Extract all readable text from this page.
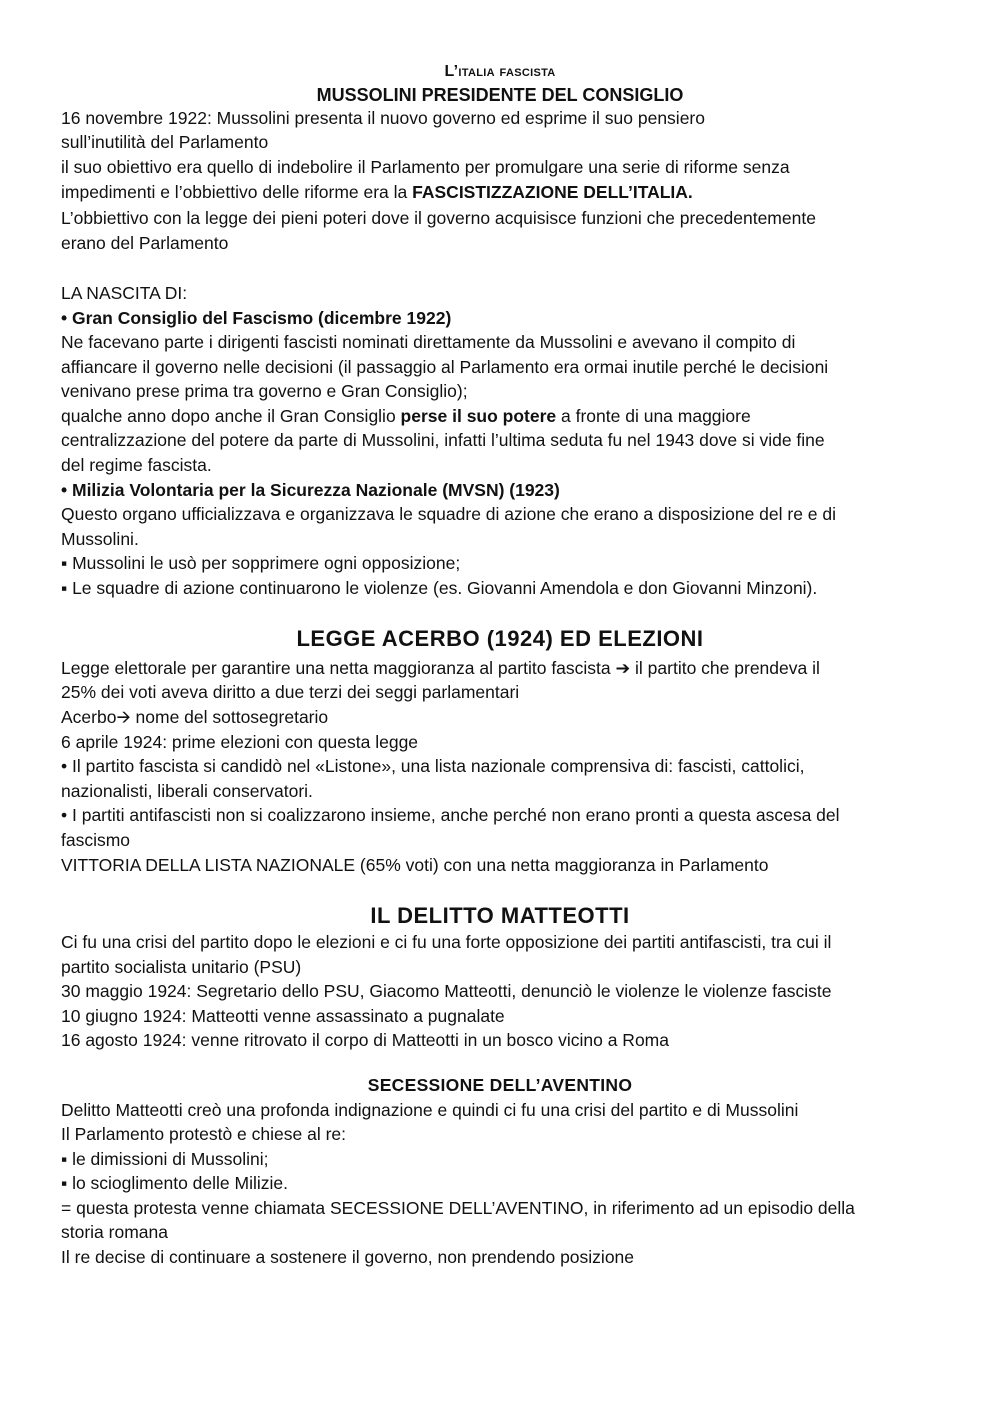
L’italia fascista

MUSSOLINI PRESIDENTE DEL CONSIGLIO

16 novembre 1922: Mussolini presenta il nuovo governo ed esprime il suo pensiero

sull’inutilità del Parlamento

il suo obiettivo era quello di indebolire il Parlamento per promulgare una serie di riforme senza

impedimenti e l’obbiettivo delle riforme era la FASCISTIZZAZIONE DELL’ITALIA.

L’obbiettivo con la legge dei pieni poteri dove il governo acquisisce funzioni che precedentemente

erano del Parlamento

LA NASCITA DI:

• Gran Consiglio del Fascismo (dicembre 1922)

Ne facevano parte i dirigenti fascisti nominati direttamente da Mussolini e avevano il compito di

affiancare il governo nelle decisioni (il passaggio al Parlamento era ormai inutile perché le decisioni

venivano prese prima tra governo e Gran Consiglio);

qualche anno dopo anche il Gran Consiglio perse il suo potere a fronte di una maggiore

centralizzazione del potere da parte di Mussolini, infatti l’ultima seduta fu nel 1943 dove si vide fine

del regime fascista.

• Milizia Volontaria per la Sicurezza Nazionale (MVSN) (1923)

Questo organo ufficializzava e organizzava le squadre di azione che erano a disposizione del re e di

Mussolini.

▪ Mussolini le usò per sopprimere ogni opposizione;

▪ Le squadre di azione continuarono le violenze (es. Giovanni Amendola e don Giovanni Minzoni).

LEGGE ACERBO (1924) ED ELEZIONI

Legge elettorale per garantire una netta maggioranza al partito fascista ➔ il partito che prendeva il

25% dei voti aveva diritto a due terzi dei seggi parlamentari

Acerbo🡪 nome del sottosegretario

6 aprile 1924: prime elezioni con questa legge

• Il partito fascista si candidò nel «Listone», una lista nazionale comprensiva di: fascisti, cattolici,

nazionalisti, liberali conservatori.

• I partiti antifascisti non si coalizzarono insieme, anche perché non erano pronti a questa ascesa del

fascismo

VITTORIA DELLA LISTA NAZIONALE (65% voti) con una netta maggioranza in Parlamento

IL DELITTO MATTEOTTI

Ci fu una crisi del partito dopo le elezioni e ci fu una forte opposizione dei partiti antifascisti, tra cui il

partito socialista unitario (PSU)

30 maggio 1924: Segretario dello PSU, Giacomo Matteotti, denunciò le violenze le violenze fasciste

10 giugno 1924: Matteotti venne assassinato a pugnalate

16 agosto 1924: venne ritrovato il corpo di Matteotti in un bosco vicino a Roma

SECESSIONE DELL’AVENTINO

Delitto Matteotti creò una profonda indignazione e quindi ci fu una crisi del partito e di Mussolini

Il Parlamento protestò e chiese al re:

▪ le dimissioni di Mussolini;

▪ lo scioglimento delle Milizie.

= questa protesta venne chiamata SECESSIONE DELL’AVENTINO, in riferimento ad un episodio della

storia romana

Il re decise di continuare a sostenere il governo, non prendendo posizione
